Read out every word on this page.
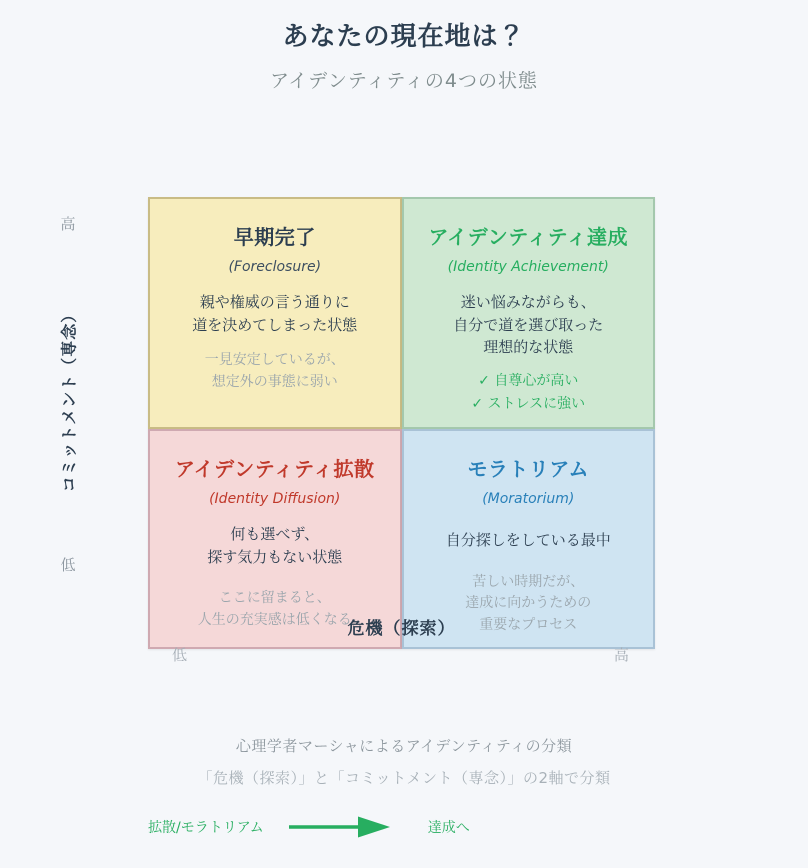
あなたの現在地は？
アイデンティティの4つの状態
高
コミットメント（専念）
低
早期完了
(Foreclosure)
親や権威の言う通りに
道を決めてしまった状態
一見安定しているが、
想定外の事態に弱い
アイデンティティ達成
(Identity Achievement)
迷い悩みながらも、
自分で道を選び取った
理想的な状態
✓ 自尊心が高い
✓ ストレスに強い
アイデンティティ拡散
(Identity Diffusion)
何も選べず、
探す気力もない状態
ここに留まると、
人生の充実感は低くなる
モラトリアム
(Moratorium)
自分探しをしている最中
苦しい時期だが、
達成に向かうための
重要なプロセス
危機（探索）
低	高
心理学者マーシャによるアイデンティティの分類
「危機（探索）」と「コミットメント（専念）」の2軸で分類
拡散/モラトリアム	達成へ
